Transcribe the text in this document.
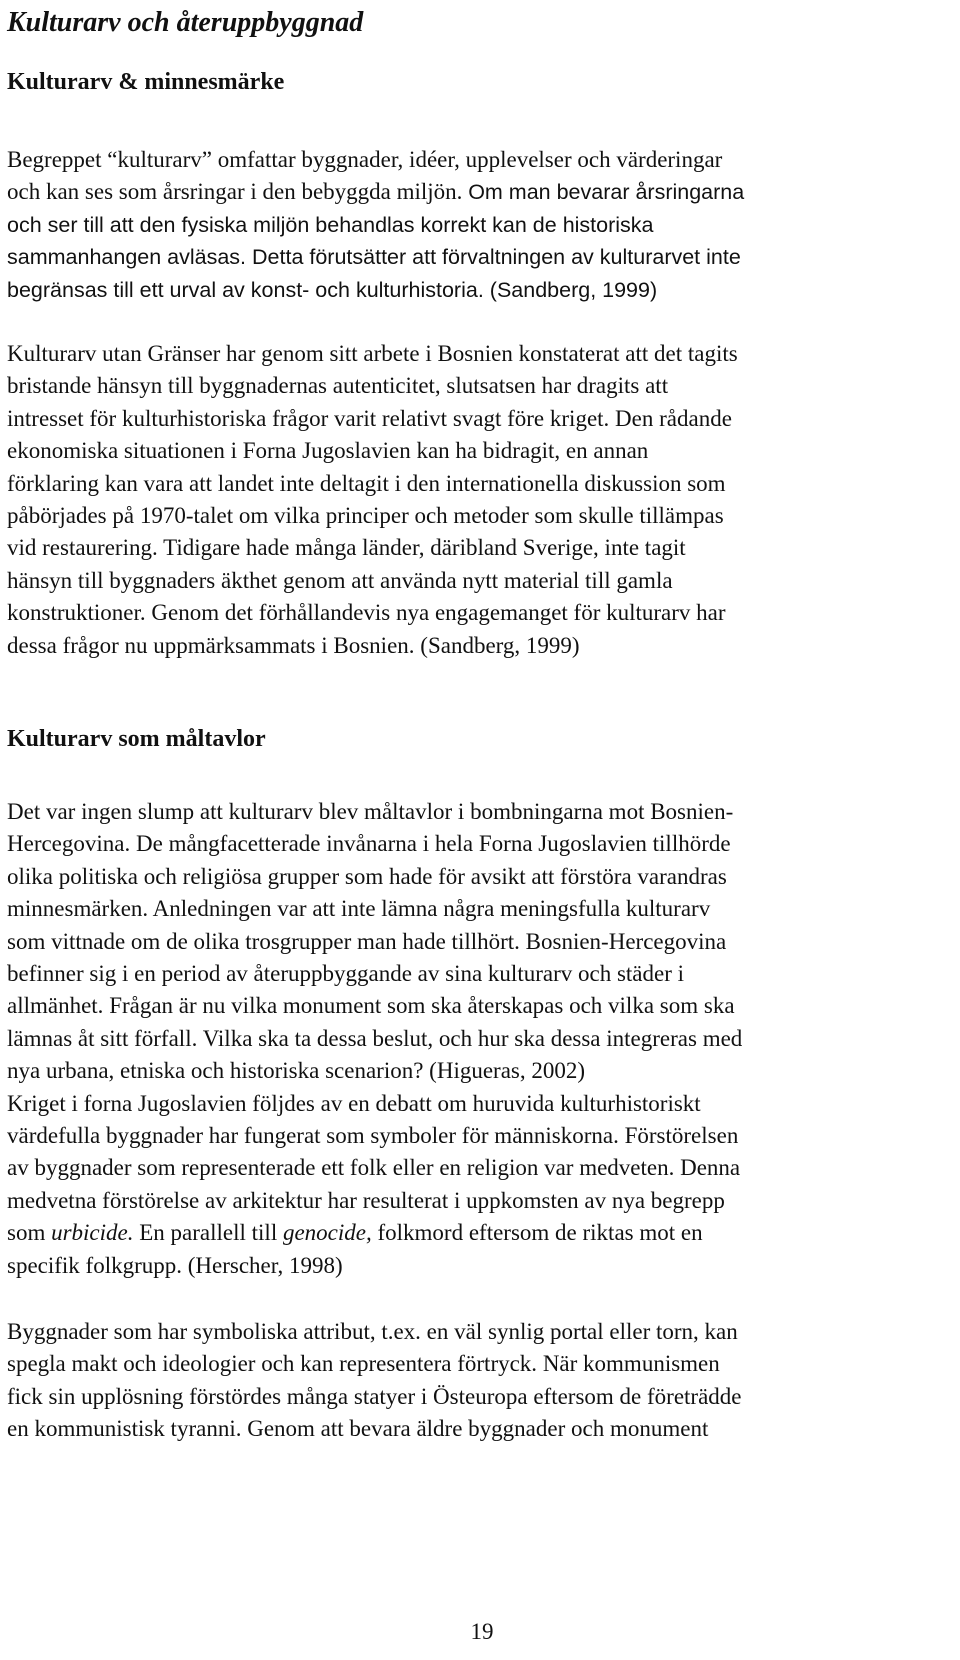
Kulturarv och återuppbyggnad
Kulturarv & minnesmärke

Begreppet “kulturarv” omfattar byggnader, idéer, upplevelser och värderingar
och kan ses som årsringar i den bebyggda miljön. Om man bevarar årsringarna
och ser till att den fysiska miljön behandlas korrekt kan de historiska
sammanhangen avläsas. Detta förutsätter att förvaltningen av kulturarvet inte
begränsas till ett urval av konst- och kulturhistoria. (Sandberg, 1999)

Kulturarv utan Gränser har genom sitt arbete i Bosnien konstaterat att det tagits
bristande hänsyn till byggnadernas autenticitet, slutsatsen har dragits att
intresset för kulturhistoriska frågor varit relativt svagt före kriget. Den rådande
ekonomiska situationen i Forna Jugoslavien kan ha bidragit, en annan
förklaring kan vara att landet inte deltagit i den internationella diskussion som
påbörjades på 1970-talet om vilka principer och metoder som skulle tillämpas
vid restaurering. Tidigare hade många länder, däribland Sverige, inte tagit
hänsyn till byggnaders äkthet genom att använda nytt material till gamla
konstruktioner. Genom det förhållandevis nya engagemanget för kulturarv har
dessa frågor nu uppmärksammats i Bosnien. (Sandberg, 1999)

Kulturarv som måltavlor

Det var ingen slump att kulturarv blev måltavlor i bombningarna mot Bosnien-
Hercegovina. De mångfacetterade invånarna i hela Forna Jugoslavien tillhörde
olika politiska och religiösa grupper som hade för avsikt att förstöra varandras
minnesmärken. Anledningen var att inte lämna några meningsfulla kulturarv
som vittnade om de olika trosgrupper man hade tillhört. Bosnien-Hercegovina
befinner sig i en period av återuppbyggande av sina kulturarv och städer i
allmänhet. Frågan är nu vilka monument som ska återskapas och vilka som ska
lämnas åt sitt förfall. Vilka ska ta dessa beslut, och hur ska dessa integreras med
nya urbana, etniska och historiska scenarion? (Higueras, 2002)
Kriget i forna Jugoslavien följdes av en debatt om huruvida kulturhistoriskt
värdefulla byggnader har fungerat som symboler för människorna. Förstörelsen
av byggnader som representerade ett folk eller en religion var medveten. Denna
medvetna förstörelse av arkitektur har resulterat i uppkomsten av nya begrepp
som urbicide. En parallell till genocide, folkmord eftersom de riktas mot en
specifik folkgrupp. (Herscher, 1998)

Byggnader som har symboliska attribut, t.ex. en väl synlig portal eller torn, kan
spegla makt och ideologier och kan representera förtryck. När kommunismen
fick sin upplösning förstördes många statyer i Östeuropa eftersom de företrädde
en kommunistisk tyranni. Genom att bevara äldre byggnader och monument

19
